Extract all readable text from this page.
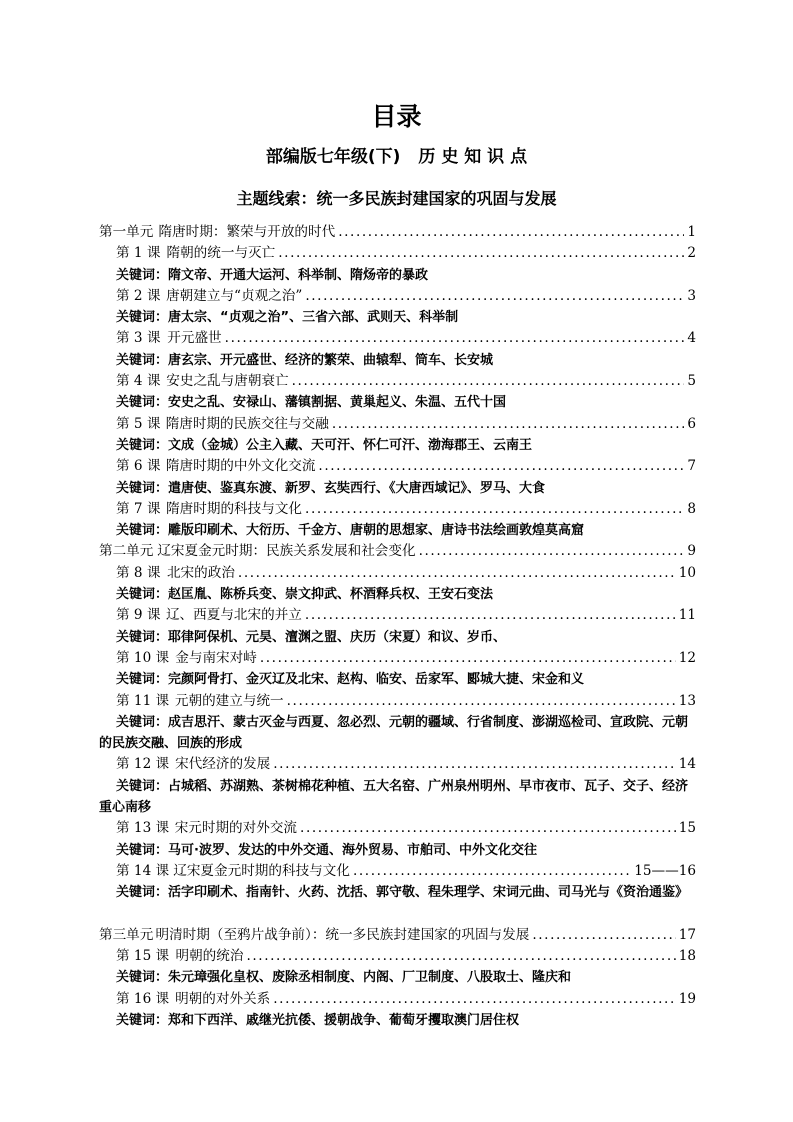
目录
部编版七年级(下) 历 史 知 识 点
主题线索：统一多民族封建国家的巩固与发展
第一单元 隋唐时期：繁荣与开放的时代 .....	1
第 1 课 隋朝的统一与灭亡 .....	2
关键词：隋文帝、开通大运河、科举制、隋炀帝的暴政
第 2 课 唐朝建立与“贞观之治” .....	3
关键词：唐太宗、“贞观之治”、三省六部、武则天、科举制
第 3 课 开元盛世 .....	4
关键词：唐玄宗、开元盛世、经济的繁荣、曲辕犁、筒车、长安城
第 4 课 安史之乱与唐朝衰亡 .....	5
关键词：安史之乱、安禄山、藩镇割据、黄巢起义、朱温、五代十国
第 5 课 隋唐时期的民族交往与交融 .....	6
关键词：文成（金城）公主入藏、天可汗、怀仁可汗、渤海郡王、云南王
第 6 课 隋唐时期的中外文化交流 .....	7
关键词：遣唐使、鉴真东渡、新罗、玄奘西行、《大唐西域记》、罗马、大食
第 7 课 隋唐时期的科技与文化 .....	8
关键词：雕版印刷术、大衍历、千金方、唐朝的思想家、唐诗书法绘画敦煌莫高窟
第二单元 辽宋夏金元时期：民族关系发展和社会变化 .....	9
第 8 课 北宋的政治 .....	10
关键词：赵匡胤、陈桥兵变、崇文抑武、杯酒释兵权、王安石变法
第 9 课 辽、西夏与北宋的并立 .....	11
关键词：耶律阿保机、元昊、澶渊之盟、庆历（宋夏）和议、岁币、
第 10 课 金与南宋对峙 .....	12
关键词：完颜阿骨打、金灭辽及北宋、赵构、临安、岳家军、郾城大捷、宋金和义
第 11 课 元朝的建立与统一 .....	13
关键词：成吉思汗、蒙古灭金与西夏、忽必烈、元朝的疆域、行省制度、澎湖巡检司、宣政院、元朝的民族交融、回族的形成
第 12 课 宋代经济的发展 .....	14
关键词：占城稻、苏湖熟、茶树棉花种植、五大名窑、广州泉州明州、早市夜市、瓦子、交子、经济重心南移
第 13 课 宋元时期的对外交流 .....	15
关键词：马可·波罗、发达的中外交通、海外贸易、市舶司、中外文化交往
第 14 课 辽宋夏金元时期的科技与文化 .....	15——16
关键词：活字印刷术、指南针、火药、沈括、郭守敬、程朱理学、宋词元曲、司马光与《资治通鉴》
第三单元 明清时期（至鸦片战争前）：统一多民族封建国家的巩固与发展 .....	17
第 15 课 明朝的统治 .....	18
关键词：朱元璋强化皇权、废除丞相制度、内阁、厂卫制度、八股取士、隆庆和
第 16 课 明朝的对外关系 .....	19
关键词：郑和下西洋、戚继光抗倭、援朝战争、葡萄牙攫取澳门居住权
